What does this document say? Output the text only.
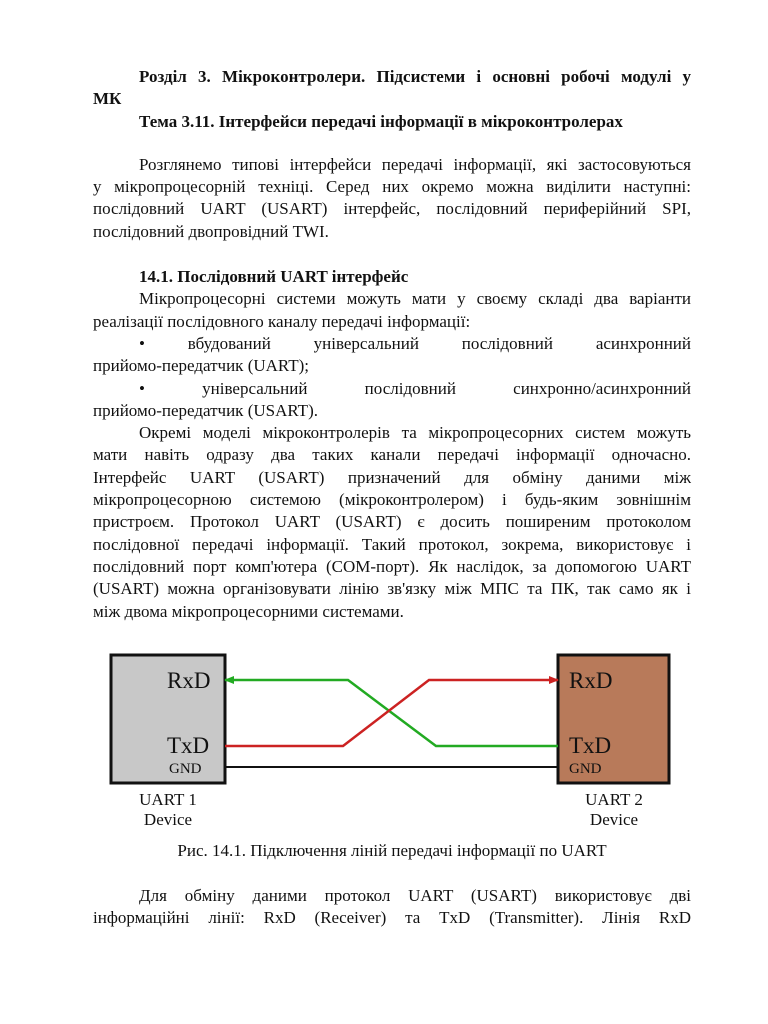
Розділ 3. Мікроконтролери. Підсистеми і основні робочі модулі у

МК

Тема 3.11. Інтерфейси передачі інформації в мікроконтролерах

Розглянемо типові інтерфейси передачі інформації, які застосовуються

у мікропроцесорній техніці. Серед них окремо можна виділити наступні:

послідовний UART (USART) інтерфейс, послідовний периферійний SPI,

послідовний двопровідний TWI.

14.1. Послідовний UART інтерфейс

Мікропроцесорні системи можуть мати у своєму складі два варіанти

реалізації послідовного каналу передачі інформації:

•         вбудований         універсальний         послідовний         асинхронний

прийомо-передатчик (UART);

•         універсальний         послідовний         синхронно/асинхронний

прийомо-передатчик (USART).

Окремі моделі мікроконтролерів та мікропроцесорних систем можуть

мати навіть одразу два таких канали передачі інформації одночасно.

Інтерфейс UART (USART) призначений для обміну даними між

мікропроцесорною системою (мікроконтролером) і будь-яким зовнішнім

пристроєм. Протокол UART (USART) є досить поширеним протоколом

послідовної передачі інформації. Такий протокол, зокрема, використовує і

послідовний порт комп'ютера (COM-порт). Як наслідок, за допомогою UART

(USART) можна організовувати лінію зв'язку між МПС та ПК, так само як і

між двома мікропроцесорними системами.

RxD
TxD
GND
UART 1
Device
RxD
TxD
GND
UART 2
Device
Рис. 14.1. Підключення ліній передачі інформації по UART

Для обміну даними протокол UART (USART) використовує дві

інформаційні лінії: RxD (Receiver) та TxD (Transmitter). Лінія RxD
